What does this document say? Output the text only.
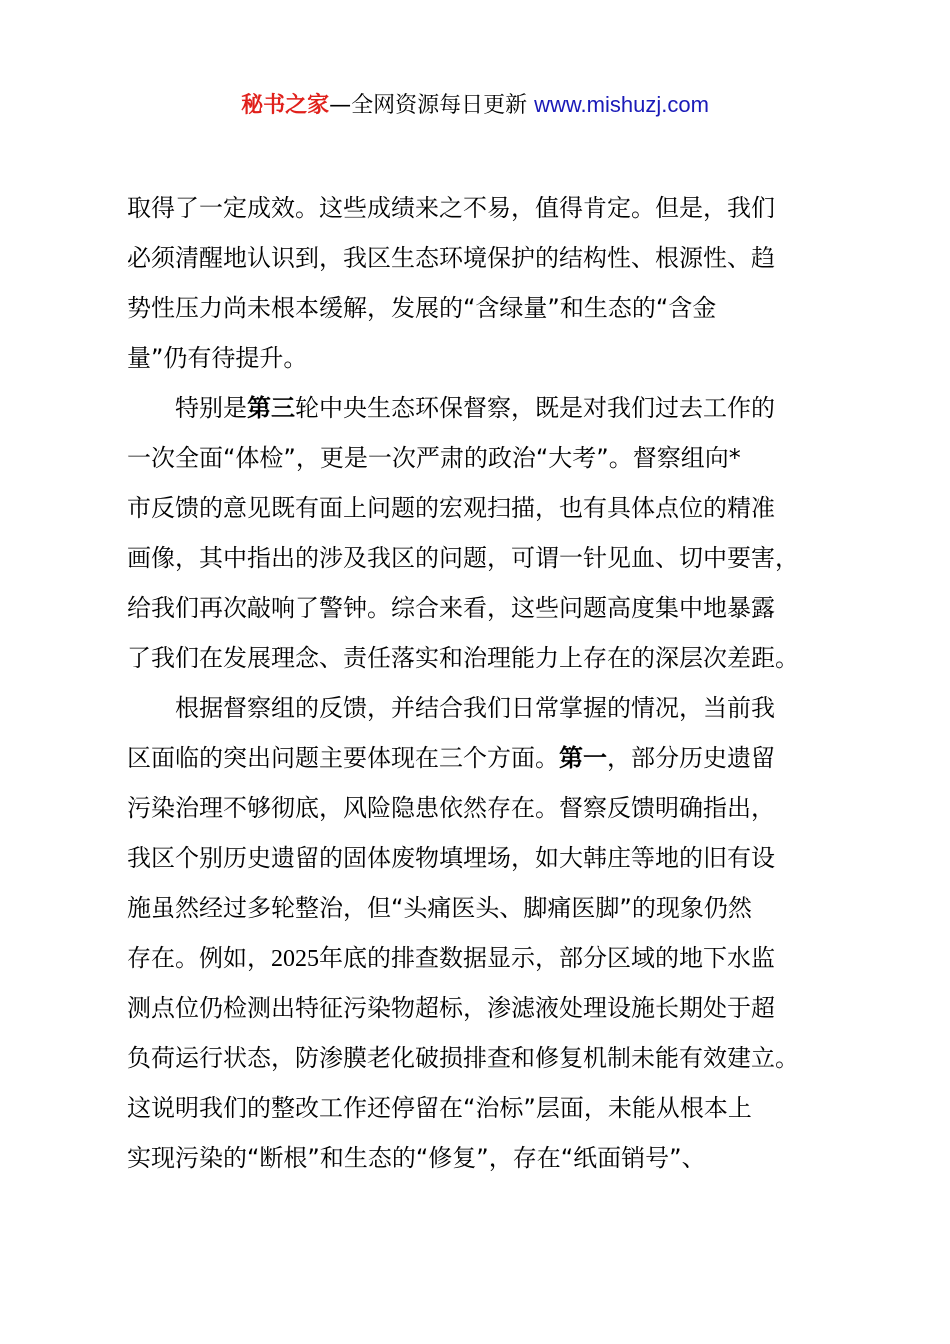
秘书之家—全网资源每日更新 www.mishuzj.com
取得了一定成效。这些成绩来之不易，值得肯定。但是，我们
必须清醒地认识到，我区生态环境保护的结构性、根源性、趋
势性压力尚未根本缓解，发展的“含绿量”和生态的“含金
量”仍有待提升。
特别是第三轮中央生态环保督察，既是对我们过去工作的
一次全面“体检”，更是一次严肃的政治“大考”。督察组向*
市反馈的意见既有面上问题的宏观扫描，也有具体点位的精准
画像，其中指出的涉及我区的问题，可谓一针见血、切中要害，
给我们再次敲响了警钟。综合来看，这些问题高度集中地暴露
了我们在发展理念、责任落实和治理能力上存在的深层次差距。
根据督察组的反馈，并结合我们日常掌握的情况，当前我
区面临的突出问题主要体现在三个方面。第一，部分历史遗留
污染治理不够彻底，风险隐患依然存在。督察反馈明确指出，
我区个别历史遗留的固体废物填埋场，如大韩庄等地的旧有设
施虽然经过多轮整治，但“头痛医头、脚痛医脚”的现象仍然
存在。例如，2025年底的排查数据显示，部分区域的地下水监
测点位仍检测出特征污染物超标，渗滤液处理设施长期处于超
负荷运行状态，防渗膜老化破损排查和修复机制未能有效建立。
这说明我们的整改工作还停留在“治标”层面，未能从根本上
实现污染的“断根”和生态的“修复”，存在“纸面销号”、
